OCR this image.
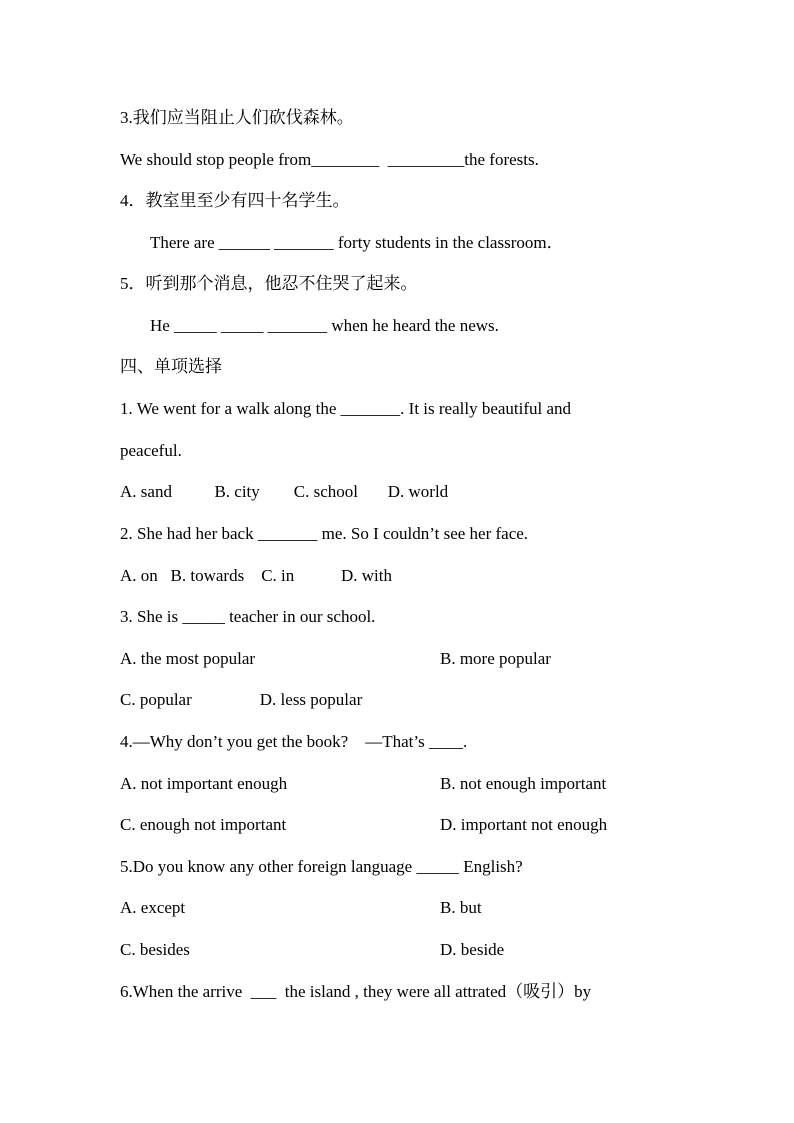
3.我们应当阻止人们砍伐森林。
We should stop people from________  _________the forests.
4．教室里至少有四十名学生。
There are ______ _______ forty students in the classroom．
5．听到那个消息，他忍不住哭了起来。
He _____ _____ _______ when he heard the news.
四、单项选择
1. We went for a walk along the _______. It is really beautiful and
peaceful.
A. sand          B. city        C. school       D. world
2. She had her back _______ me. So I couldn’t see her face.
A. on   B. towards    C. in           D. with
3. She is _____ teacher in our school.
A. the most popular	B. more popular
C. popular                D. less popular
4.—Why don’t you get the book?    —That’s ____.
A. not important enough	B. not enough important
C. enough not important	D. important not enough
5.Do you know any other foreign language _____ English?
A. except	B. but
C. besides	D. beside
6.When the arrive  ___  the island , they were all attrated（吸引）by
